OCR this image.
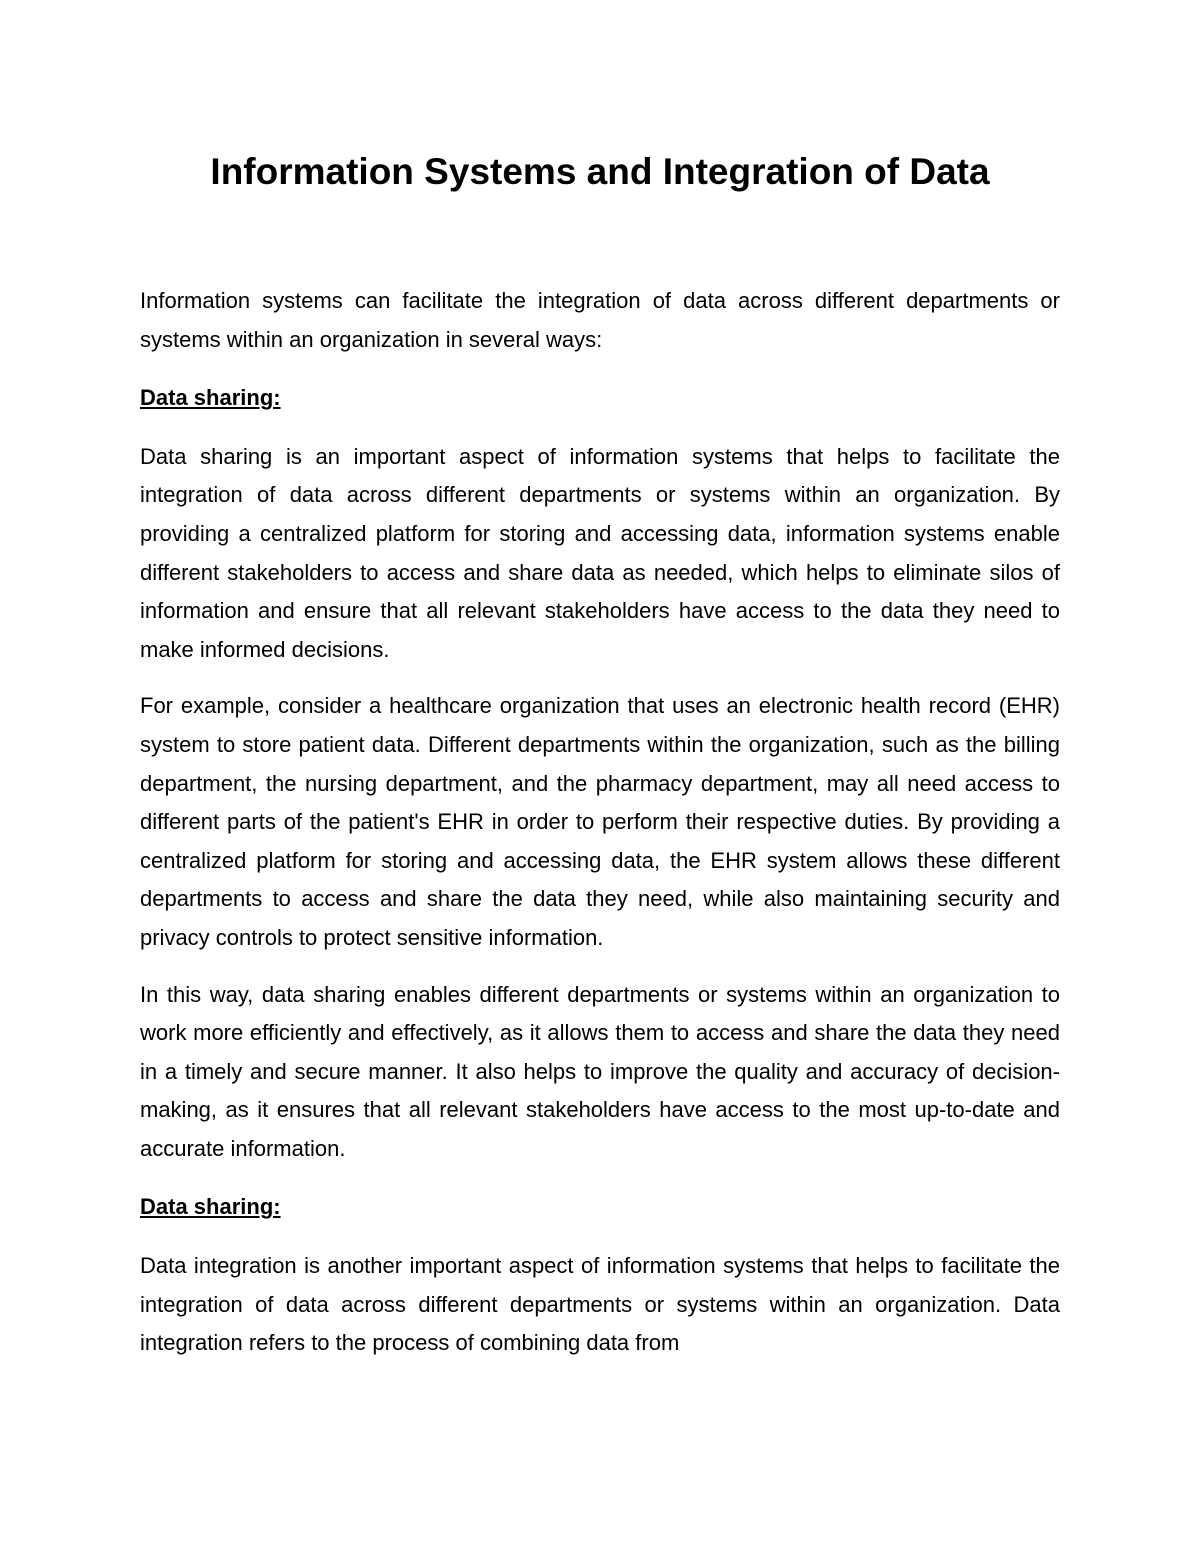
Information Systems and Integration of Data

Information systems can facilitate the integration of data across different departments or systems within an organization in several ways:

Data sharing:

Data sharing is an important aspect of information systems that helps to facilitate the integration of data across different departments or systems within an organization. By providing a centralized platform for storing and accessing data, information systems enable different stakeholders to access and share data as needed, which helps to eliminate silos of information and ensure that all relevant stakeholders have access to the data they need to make informed decisions.

For example, consider a healthcare organization that uses an electronic health record (EHR) system to store patient data. Different departments within the organization, such as the billing department, the nursing department, and the pharmacy department, may all need access to different parts of the patient's EHR in order to perform their respective duties. By providing a centralized platform for storing and accessing data, the EHR system allows these different departments to access and share the data they need, while also maintaining security and privacy controls to protect sensitive information.

In this way, data sharing enables different departments or systems within an organization to work more efficiently and effectively, as it allows them to access and share the data they need in a timely and secure manner. It also helps to improve the quality and accuracy of decision-making, as it ensures that all relevant stakeholders have access to the most up-to-date and accurate information.

Data sharing:

Data integration is another important aspect of information systems that helps to facilitate the integration of data across different departments or systems within an organization. Data integration refers to the process of combining data from
